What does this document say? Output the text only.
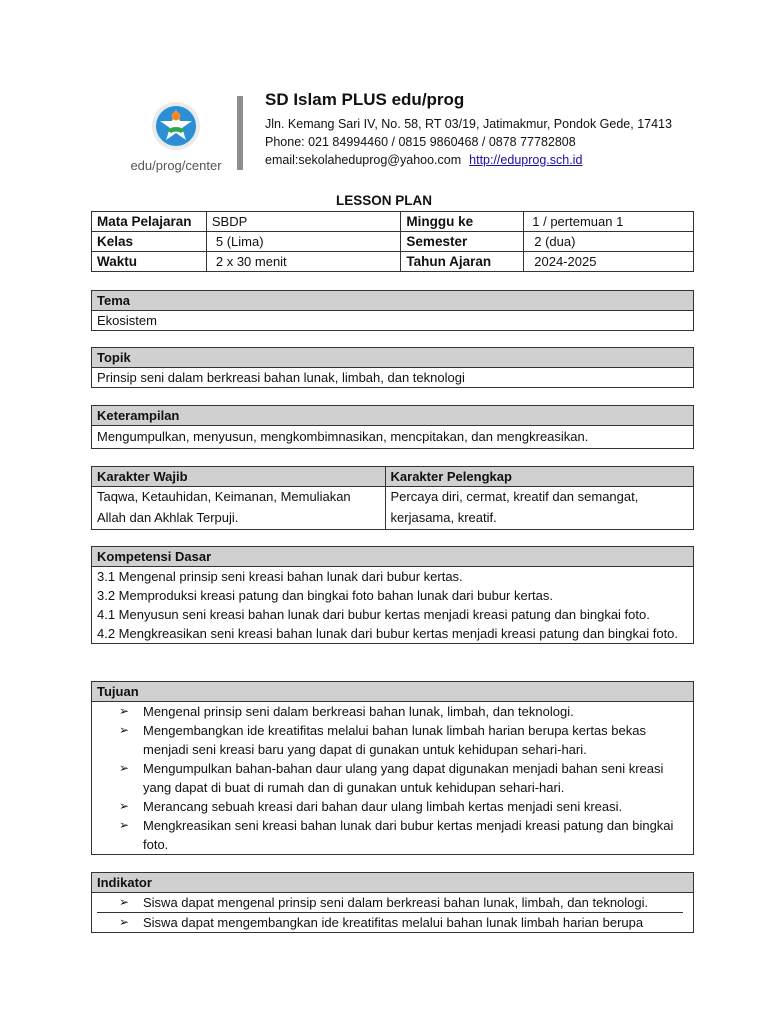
edu/prog/center
SD Islam PLUS edu/prog
Jln. Kemang Sari IV, No. 58, RT 03/19, Jatimakmur, Pondok Gede, 17413
Phone: 021 84994460 / 0815 9860468 / 0878 77782808
email:sekolaheduprog@yahoo.com http://eduprog.sch.id
LESSON PLAN
Mata Pelajaran	SBDP	Minggu ke	1 / pertemuan 1
Kelas	5 (Lima)	Semester	2 (dua)
Waktu	2 x 30 menit	Tahun Ajaran	2024-2025
Tema
Ekosistem
Topik
Prinsip seni dalam berkreasi bahan lunak, limbah, dan teknologi
Keterampilan
Mengumpulkan, menyusun, mengkombimnasikan, mencpitakan, dan mengkreasikan.
Karakter Wajib	Karakter Pelengkap
Taqwa, Ketauhidan, Keimanan, Memuliakan Allah dan Akhlak Terpuji.	Percaya diri, cermat, kreatif dan semangat, kerjasama, kreatif.
Kompetensi Dasar

3.1 Mengenal prinsip seni kreasi bahan lunak dari bubur kertas.
3.2 Memproduksi kreasi patung dan bingkai foto bahan lunak dari bubur kertas.
4.1 Menyusun seni kreasi bahan lunak dari bubur kertas menjadi kreasi patung dan bingkai foto.
4.2 Mengkreasikan seni kreasi bahan lunak dari bubur kertas menjadi kreasi patung dan bingkai foto.
Tujuan

➢ Mengenal prinsip seni dalam berkreasi bahan lunak, limbah, dan teknologi.
➢ Mengembangkan ide kreatifitas melalui bahan lunak limbah harian berupa kertas bekas menjadi seni kreasi baru yang dapat di gunakan untuk kehidupan sehari-hari.
➢ Mengumpulkan bahan-bahan daur ulang yang dapat digunakan menjadi bahan seni kreasi yang dapat di buat di rumah dan di gunakan untuk kehidupan sehari-hari.
➢ Merancang sebuah kreasi dari bahan daur ulang limbah kertas menjadi seni kreasi.
➢ Mengkreasikan seni kreasi bahan lunak dari bubur kertas menjadi kreasi patung dan bingkai foto.
Indikator

➢ Siswa dapat mengenal prinsip seni dalam berkreasi bahan lunak, limbah, dan teknologi.
➢ Siswa dapat mengembangkan ide kreatifitas melalui bahan lunak limbah harian berupa
